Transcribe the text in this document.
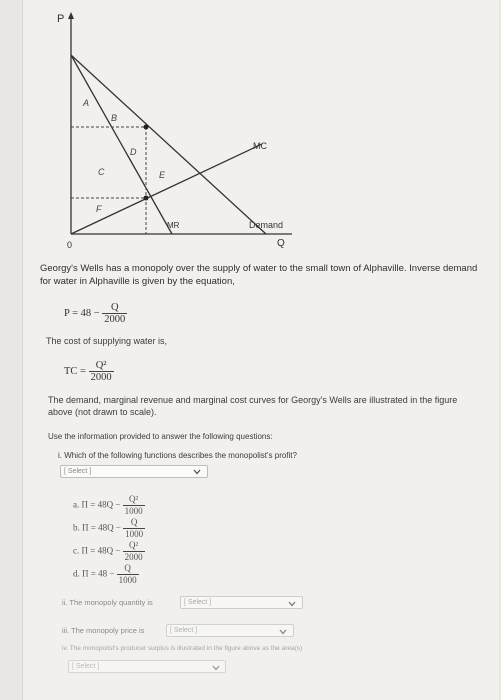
P
Q
0
A
B
C
D
E
F
MC
MR	Demand
Georgy's Wells has a monopoly over the supply of water to the small town of Alphaville. Inverse demand for water in Alphaville is given by the equation,
$P = 48 - \frac{Q}{2000}$
The cost of supplying water is,
TC = $\frac{\text{Q²}}{2000}$
The demand, marginal revenue and marginal cost curves for Georgy's Wells are illustrated in the figure above (not drawn to scale).
Use the information provided to answer the following questions:
i. Which of the following functions describes the monopolist's profit?
[ Select ]
a. $\Pi = 48Q - \frac{\text{Q²}}{1000}$
b. $\Pi = 48Q - \frac{Q}{1000}$
c. $\Pi = 48Q - \frac{\text{Q²}}{2000}$
d. $\Pi = 48 - \frac{Q}{1000}$
ii. The monopoly quantity is	[ Select ]
iii. The monopoly price is	[ Select ]
iv. The monopolist's producer surplus is illustrated in the figure above as the area(s)
[ Select ]
